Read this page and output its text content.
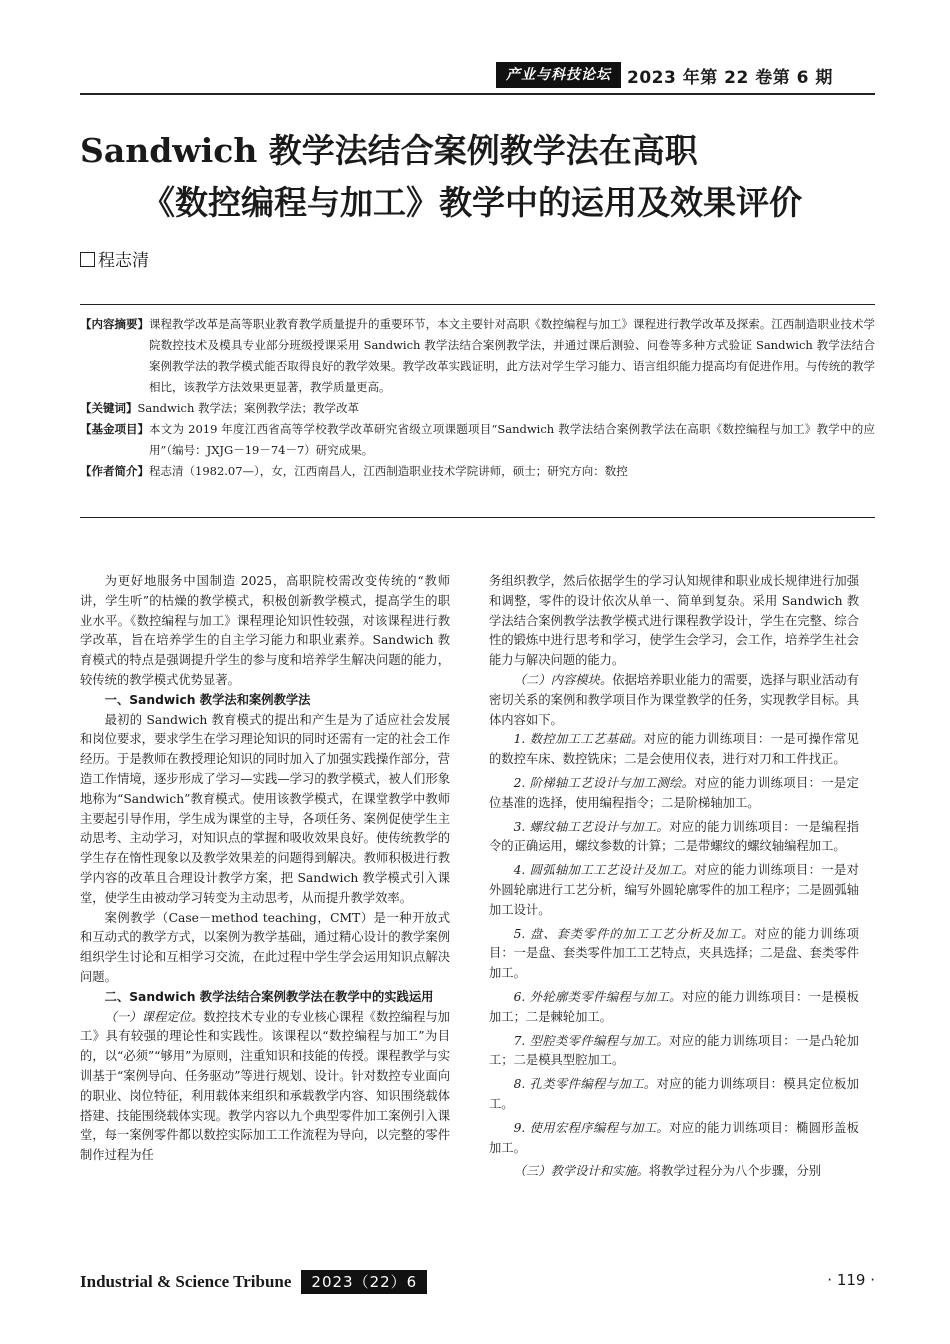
产业与科技论坛 2023 年第 22 卷第 6 期
Sandwich 教学法结合案例教学法在高职
《数控编程与加工》教学中的运用及效果评价
程志清
【内容摘要】 课程教学改革是高等职业教育教学质量提升的重要环节，本文主要针对高职《数控编程与加工》课程进行教学改革及探索。江西制造职业技术学院数控技术及模具专业部分班级授课采用 Sandwich 教学法结合案例教学法，并通过课后测验、问卷等多种方式验证 Sandwich 教学法结合案例教学法的教学模式能否取得良好的教学效果。教学改革实践证明，此方法对学生学习能力、语言组织能力提高均有促进作用。与传统的教学相比，该教学方法效果更显著，教学质量更高。
【关键词】 Sandwich 教学法；案例教学法；教学改革
【基金项目】 本文为 2019 年度江西省高等学校教学改革研究省级立项课题项目“Sandwich 教学法结合案例教学法在高职《数控编程与加工》教学中的应用”（编号：JXJG－19－74－7）研究成果。
【作者简介】 程志清（1982.07—），女，江西南昌人，江西制造职业技术学院讲师，硕士；研究方向：数控

为更好地服务中国制造 2025，高职院校需改变传统的“教师讲，学生听”的枯燥的教学模式，积极创新教学模式，提高学生的职业水平。《数控编程与加工》课程理论知识性较强，对该课程进行教学改革，旨在培养学生的自主学习能力和职业素养。Sandwich 教育模式的特点是强调提升学生的参与度和培养学生解决问题的能力，较传统的教学模式优势显著。

一、Sandwich 教学法和案例教学法

最初的 Sandwich 教育模式的提出和产生是为了适应社会发展和岗位要求，要求学生在学习理论知识的同时还需有一定的社会工作经历。于是教师在教授理论知识的同时加入了加强实践操作部分，营造工作情境，逐步形成了学习—实践—学习的教学模式，被人们形象地称为“Sandwich”教育模式。使用该教学模式，在课堂教学中教师主要起引导作用，学生成为课堂的主导，各项任务、案例促使学生主动思考、主动学习，对知识点的掌握和吸收效果良好。使传统教学的学生存在惰性现象以及教学效果差的问题得到解决。教师积极进行教学内容的改革且合理设计教学方案，把 Sandwich 教学模式引入课堂，使学生由被动学习转变为主动思考，从而提升教学效率。

案例教学（Case－method teaching，CMT）是一种开放式和互动式的教学方式，以案例为教学基础，通过精心设计的教学案例组织学生讨论和互相学习交流，在此过程中学生学会运用知识点解决问题。

二、Sandwich 教学法结合案例教学法在教学中的实践运用

（一）课程定位。数控技术专业的专业核心课程《数控编程与加工》具有较强的理论性和实践性。该课程以“数控编程与加工”为目的，以“必须”“够用”为原则，注重知识和技能的传授。课程教学与实训基于“案例导向、任务驱动”等进行规划、设计。针对数控专业面向的职业、岗位特征，利用载体来组织和承载教学内容、知识围绕载体搭建、技能围绕载体实现。教学内容以九个典型零件加工案例引入课堂，每一案例零件都以数控实际加工工作流程为导向，以完整的零件制作过程为任

务组织教学，然后依据学生的学习认知规律和职业成长规律进行加强和调整，零件的设计依次从单一、简单到复杂。采用 Sandwich 教学法结合案例教学法教学模式进行课程教学设计，学生在完整、综合性的锻炼中进行思考和学习，使学生会学习，会工作，培养学生社会能力与解决问题的能力。

（二）内容模块。依据培养职业能力的需要，选择与职业活动有密切关系的案例和教学项目作为课堂教学的任务，实现教学目标。具体内容如下。

1. 数控加工工艺基础。对应的能力训练项目：一是可操作常见的数控车床、数控铣床；二是会使用仪表，进行对刀和工件找正。

2. 阶梯轴工艺设计与加工测绘。对应的能力训练项目：一是定位基准的选择，使用编程指令；二是阶梯轴加工。

3. 螺纹轴工艺设计与加工。对应的能力训练项目：一是编程指令的正确运用，螺纹参数的计算；二是带螺纹的螺纹轴编程加工。

4. 圆弧轴加工工艺设计及加工。对应的能力训练项目：一是对外圆轮廓进行工艺分析，编写外圆轮廓零件的加工程序；二是圆弧轴加工设计。

5. 盘、套类零件的加工工艺分析及加工。对应的能力训练项目：一是盘、套类零件加工工艺特点，夹具选择；二是盘、套类零件加工。

6. 外轮廓类零件编程与加工。对应的能力训练项目：一是模板加工；二是棘轮加工。

7. 型腔类零件编程与加工。对应的能力训练项目：一是凸轮加工；二是模具型腔加工。

8. 孔类零件编程与加工。对应的能力训练项目：模具定位板加工。

9. 使用宏程序编程与加工。对应的能力训练项目：椭圆形盖板加工。

（三）教学设计和实施。将教学过程分为八个步骤，分别

Industrial & Science Tribune	2023（22）6	· 119 ·
